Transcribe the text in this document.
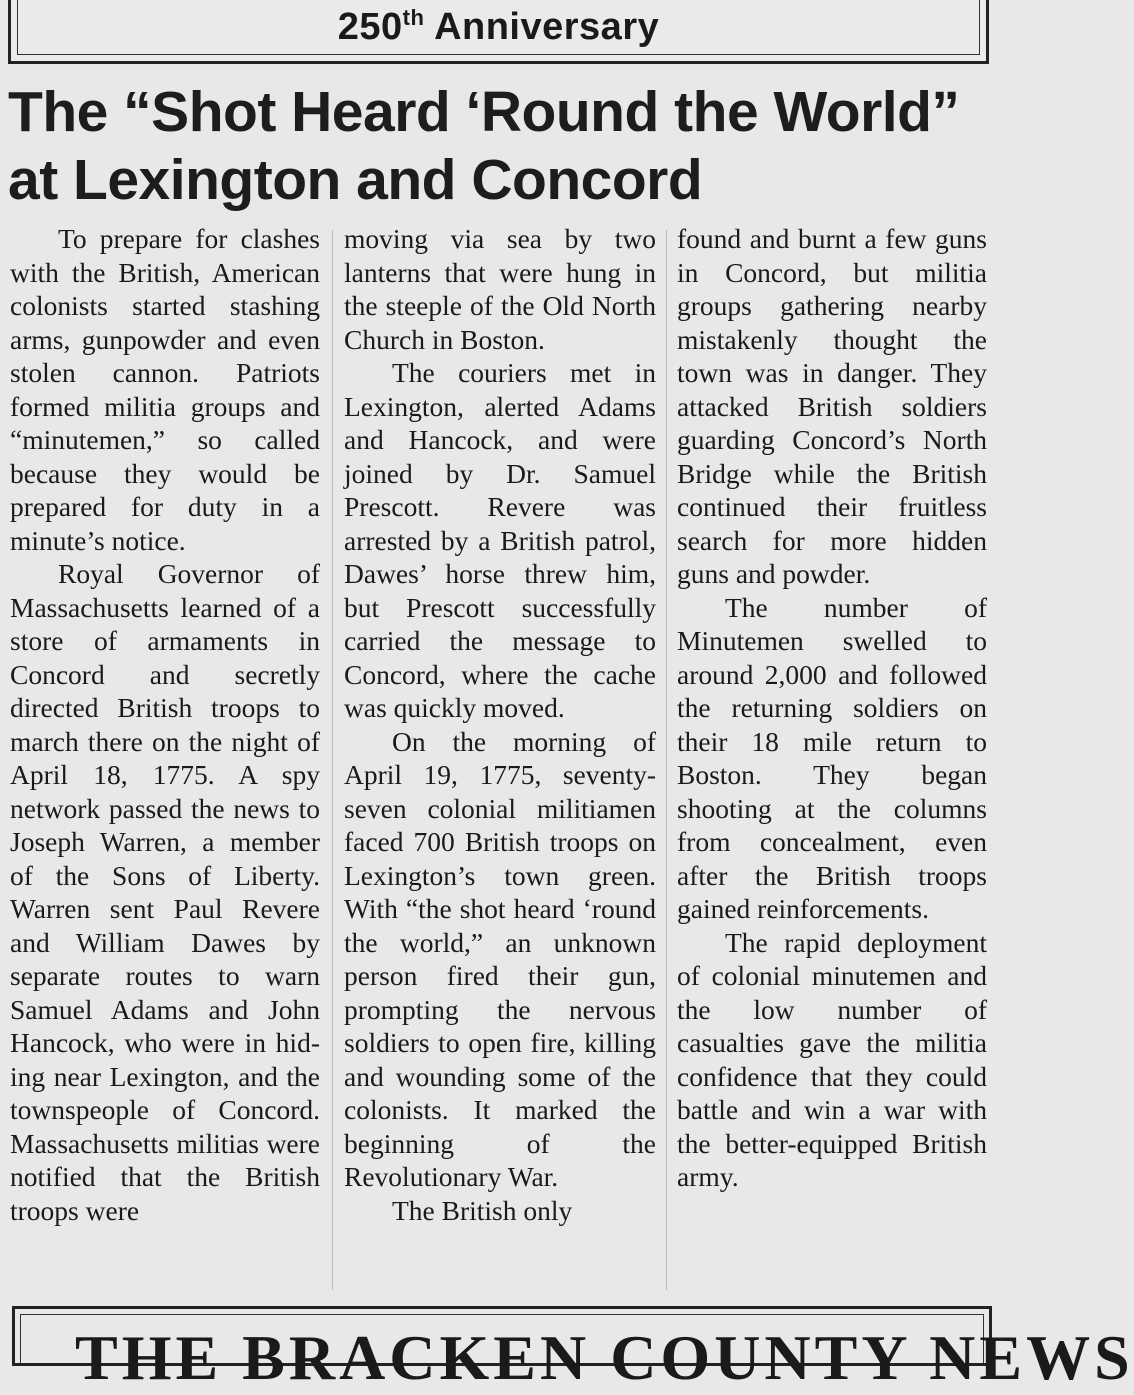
250th Anniversary
The “Shot Heard ‘Round the World” at Lexington and Concord

To prepare for clashes with the British, American colonists started stashing arms, gunpowder and even stolen cannon. Patriots formed militia groups and “minutemen,” so called because they would be prepared for duty in a minute’s notice.

Royal Governor of Massachusetts learned of a store of armaments in Concord and secretly directed British troops to march there on the night of April 18, 1775. A spy network passed the news to Joseph Warren, a member of the Sons of Liberty. Warren sent Paul Revere and William Dawes by separate routes to warn Samuel Adams and John Hancock, who were in hiding near Lexington, and the townspeople of Concord. Massachusetts militias were notified that the British troops were

moving via sea by two lanterns that were hung in the steeple of the Old North Church in Boston.

The couriers met in Lexington, alerted Adams and Hancock, and were joined by Dr. Samuel Prescott. Revere was arrested by a British patrol, Dawes’ horse threw him, but Prescott successfully carried the message to Concord, where the cache was quickly moved.

On the morning of April 19, 1775, seventy-seven colonial militiamen faced 700 British troops on Lexington’s town green. With “the shot heard ‘round the world,” an unknown person fired their gun, prompting the nervous soldiers to open fire, killing and wounding some of the colonists. It marked the beginning of the Revolutionary War.

The British only

found and burnt a few guns in Concord, but militia groups gathering nearby mistakenly thought the town was in danger. They attacked British soldiers guarding Concord’s North Bridge while the British continued their fruitless search for more hidden guns and powder.

The number of Minutemen swelled to around 2,000 and followed the returning soldiers on their 18 mile return to Boston. They began shooting at the columns from concealment, even after the British troops gained reinforcements.

The rapid deployment of colonial minutemen and the low number of casualties gave the militia confidence that they could battle and win a war with the better-equipped British army.

THE BRACKEN COUNTY NEWS
